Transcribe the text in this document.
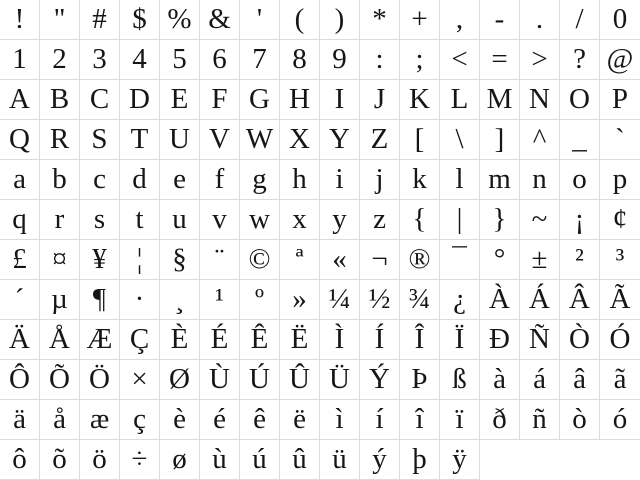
!	" # $ % & '	(	) * + ,	-	.	/	0
1 2 3 4 5 6 7 8 9 :	; < = > ? @
A B C D E F G H I	J K L M N O P
Q R S T U V W X Y Z [	\	] ^ _ `
a b c d e f g h i	j k l m n o p
q r	s	t u v w x y z {	|	} ~ ¡ ¢
£ ¤ ¥	¦	§ ¨ © ª « ¬ ® ¯ ° ± ²	³
´ µ ¶ ·	¸	¹	º » ¼ ½ ¾ ¿ À Á Â Ã
Ä Å Æ Ç È É Ê Ë Ì	Í	Î	Ï Ð Ñ Ò Ó
Ô Õ Ö × Ø Ù Ú Û Ü Ý Þ ß à á â ã
ä å æ ç è é ê ë	ì	í	î	ï ð ñ ò ó
ô õ ö ÷ ø ù ú û ü ý þ ÿ
